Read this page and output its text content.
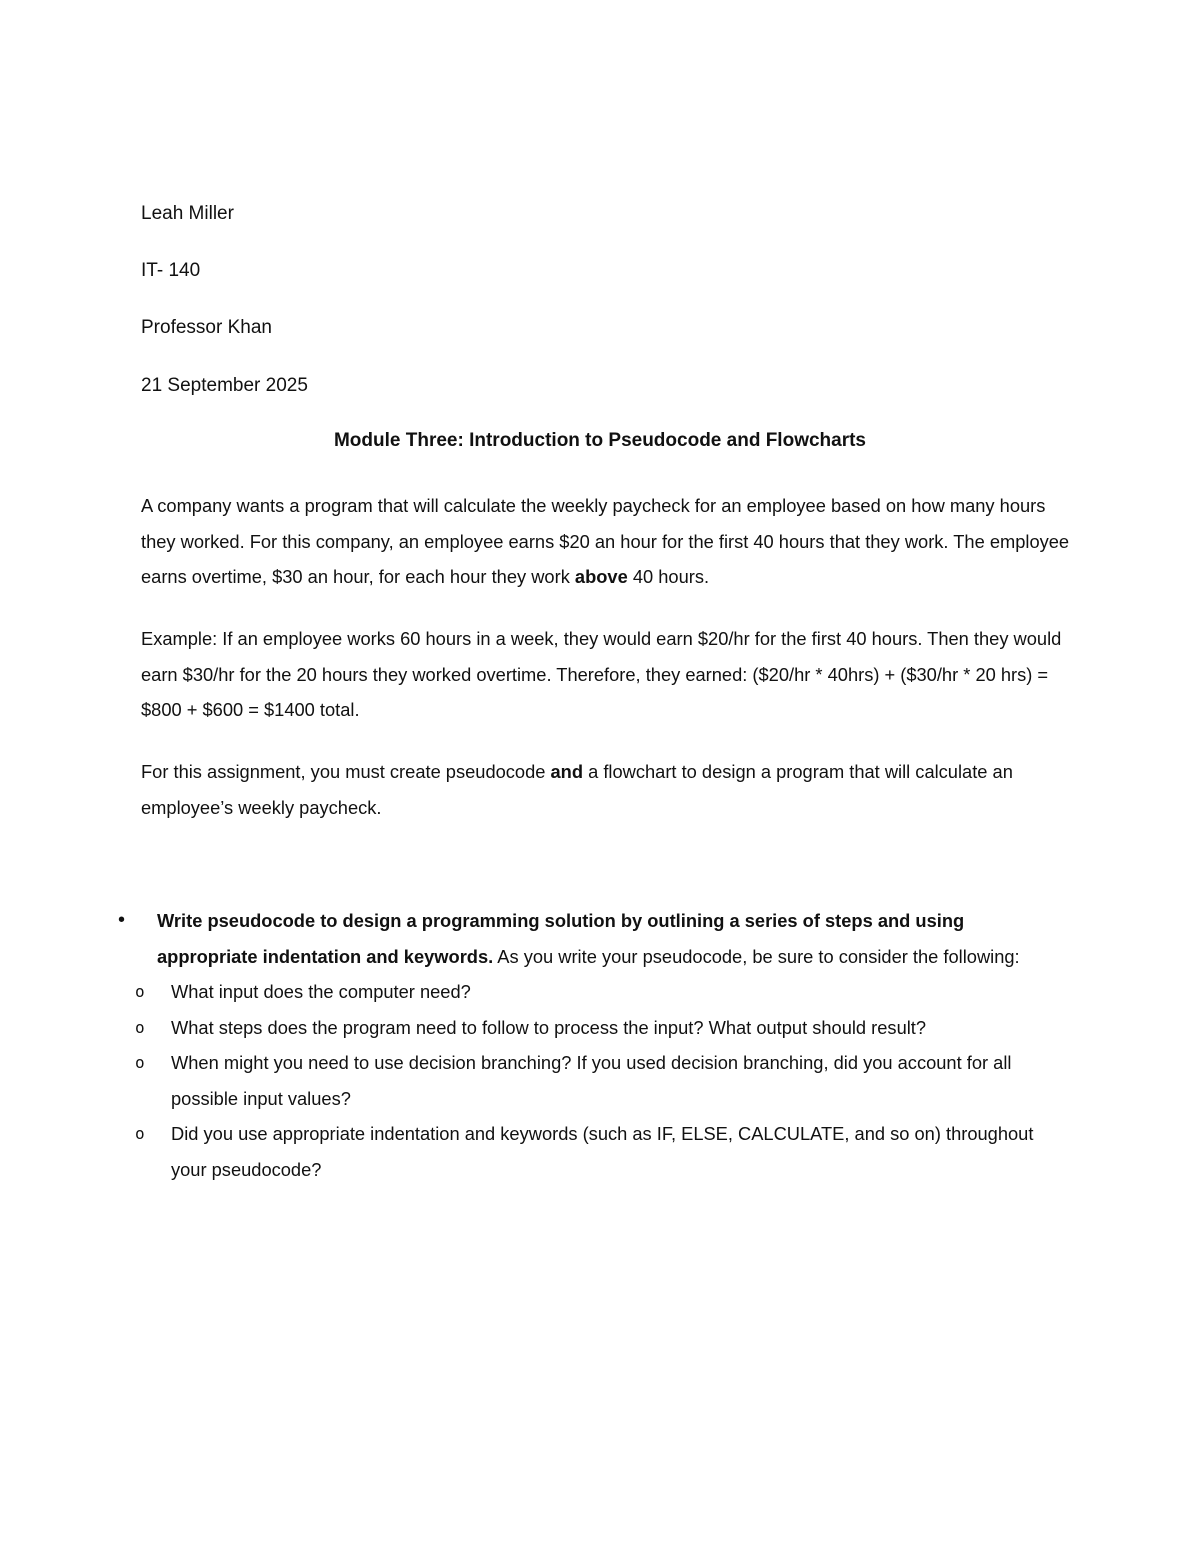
Leah Miller
IT- 140
Professor Khan
21 September 2025
Module Three: Introduction to Pseudocode and Flowcharts

A company wants a program that will calculate the weekly paycheck for an employee based on how many hours they worked. For this company, an employee earns $20 an hour for the first 40 hours that they work. The employee earns overtime, $30 an hour, for each hour they work above 40 hours.

Example: If an employee works 60 hours in a week, they would earn $20/hr for the first 40 hours. Then they would earn $30/hr for the 20 hours they worked overtime. Therefore, they earned: ($20/hr * 40hrs) + ($30/hr * 20 hrs) = $800 + $600 = $1400 total.

For this assignment, you must create pseudocode and a flowchart to design a program that will calculate an employee’s weekly paycheck.

• Write pseudocode to design a programming solution by outlining a series of steps and using appropriate indentation and keywords. As you write your pseudocode, be sure to consider the following:
o What input does the computer need?
o What steps does the program need to follow to process the input? What output should result?
o When might you need to use decision branching? If you used decision branching, did you account for all possible input values?
o Did you use appropriate indentation and keywords (such as IF, ELSE, CALCULATE, and so on) throughout your pseudocode?
